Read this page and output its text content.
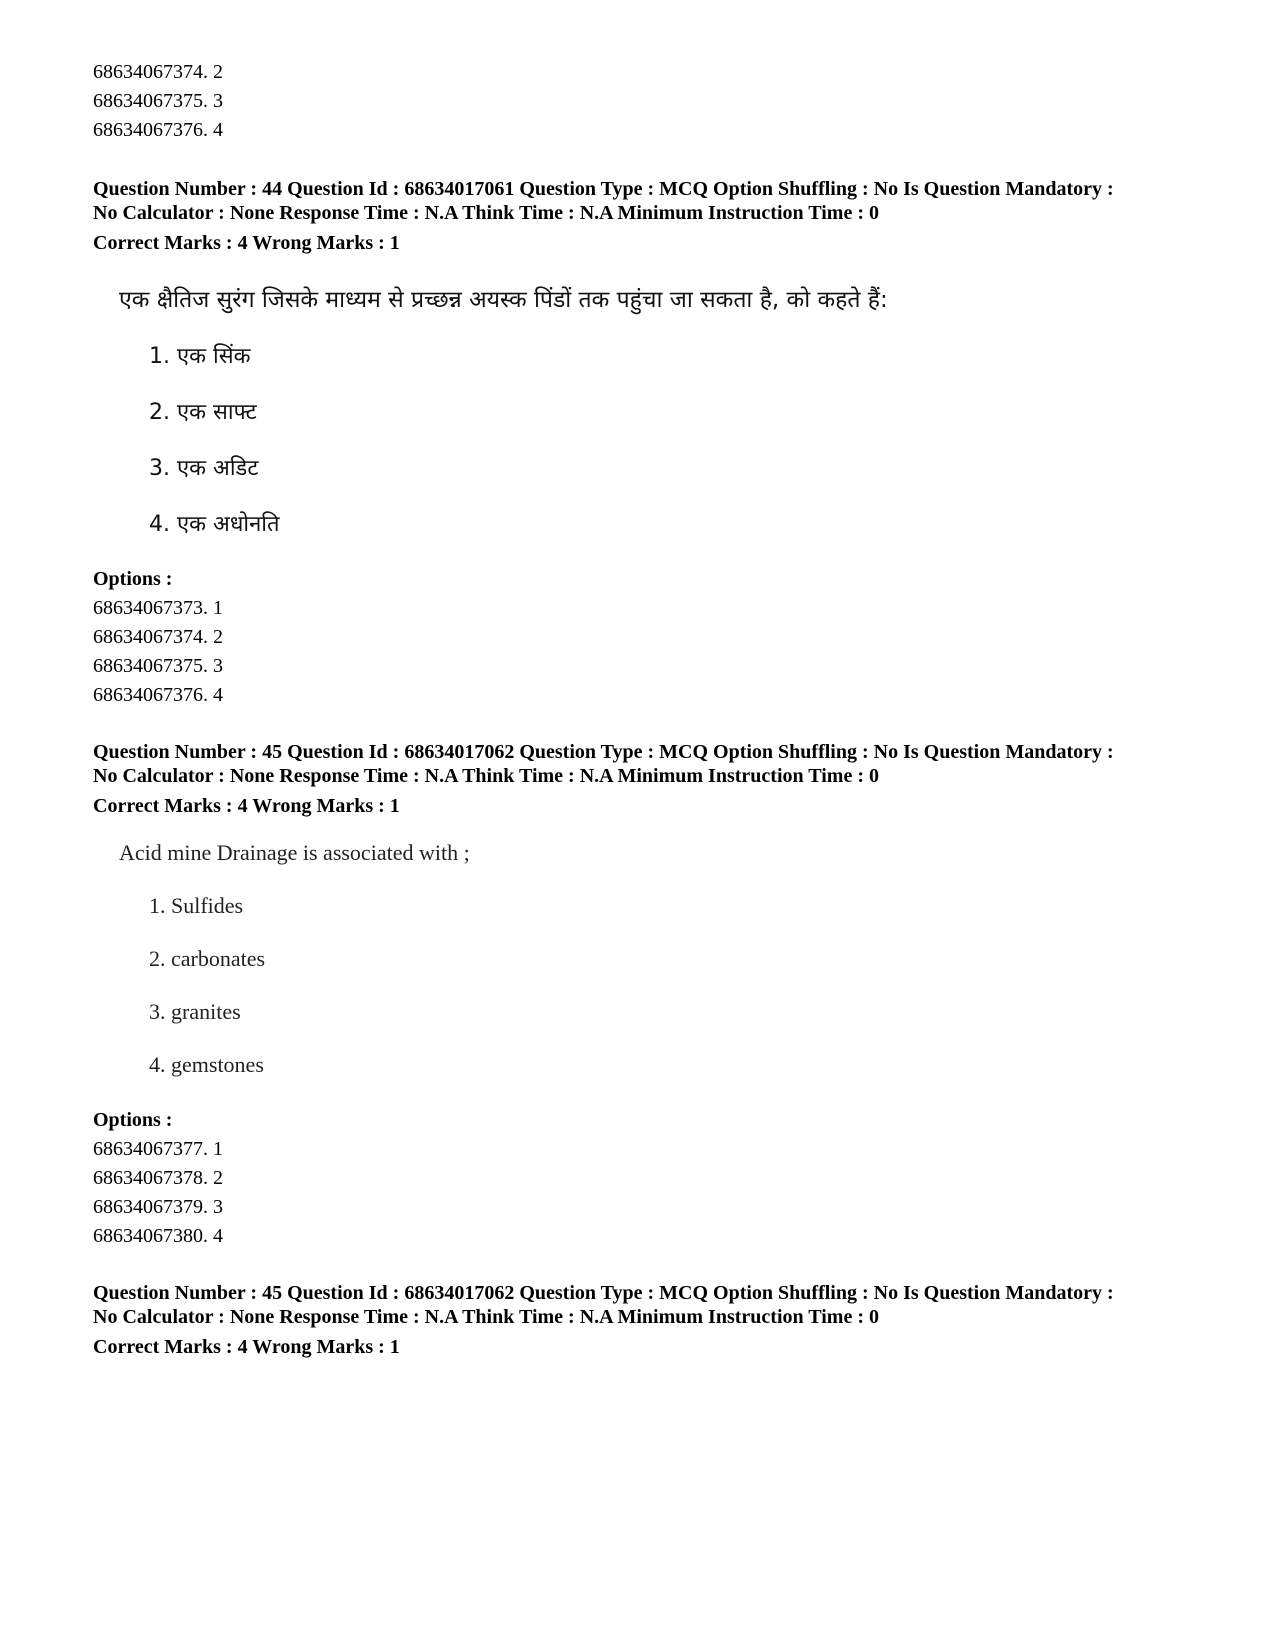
68634067374. 2
68634067375. 3
68634067376. 4
Question Number : 44 Question Id : 68634017061 Question Type : MCQ Option Shuffling : No Is Question Mandatory :
No Calculator : None Response Time : N.A Think Time : N.A Minimum Instruction Time : 0
Correct Marks : 4 Wrong Marks : 1
एक क्षैतिज सुरंग जिसके माध्यम से प्रच्छन्न अयस्क पिंडों तक पहुंचा जा सकता है, को कहते हैं:
1. एक सिंक
2. एक साफ्ट
3. एक अडिट
4. एक अधोनति
Options :
68634067373. 1
68634067374. 2
68634067375. 3
68634067376. 4
Question Number : 45 Question Id : 68634017062 Question Type : MCQ Option Shuffling : No Is Question Mandatory :
No Calculator : None Response Time : N.A Think Time : N.A Minimum Instruction Time : 0
Correct Marks : 4 Wrong Marks : 1
Acid mine Drainage is associated with ;
1. Sulfides
2. carbonates
3. granites
4. gemstones
Options :
68634067377. 1
68634067378. 2
68634067379. 3
68634067380. 4
Question Number : 45 Question Id : 68634017062 Question Type : MCQ Option Shuffling : No Is Question Mandatory :
No Calculator : None Response Time : N.A Think Time : N.A Minimum Instruction Time : 0
Correct Marks : 4 Wrong Marks : 1
